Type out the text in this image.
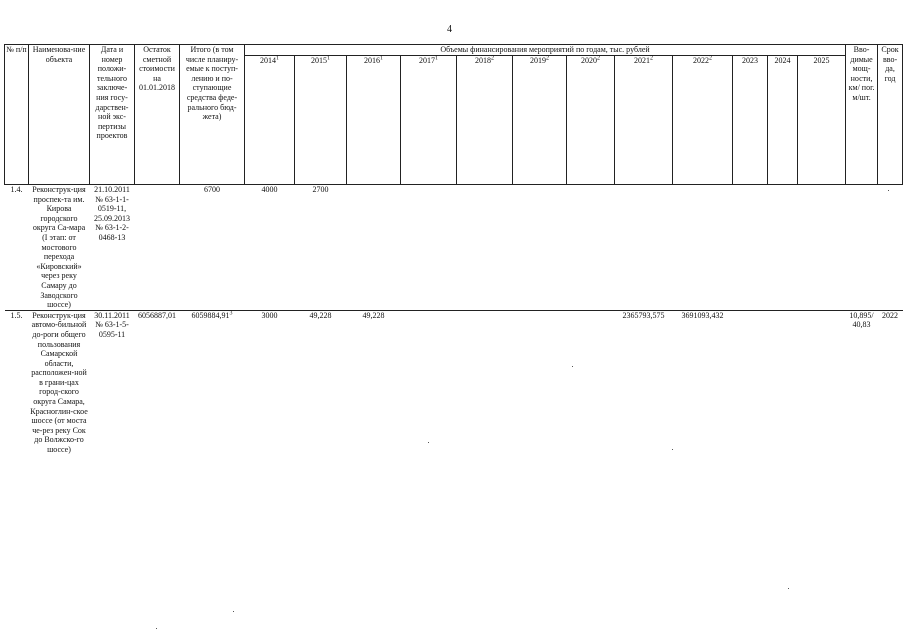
4
№ п/п	Наименова-ние объекта	Дата и номер положи-тельного заключе-ния госу-дарствен-ной экс-пертизы проектов	Остаток сметной стоимости на 01.01.2018	Итого (в том числе планиру-емые к поступ-лению и по-ступающие средства феде-рального бюд-жета)	Объемы финансирования мероприятий по годам, тыс. рублей												Вво-димые мощ-ности, км/ пог. м/шт.	Срок вво-да, год
					2014$^1$	2015$^1$	2016$^1$	2017$^1$	2018$^2$	2019$^2$	2020$^2$	2021$^2$	2022$^2$	2023	2024	2025		
1.4.	Реконструк-ция проспек-та им. Кирова городского округа Са-мара (I этап: от мостового перехода «Кировский» через реку Самару до Заводского шоссе)	21.10.2011 № 63-1-1-0519-11, 25.09.2013 № 63-1-2-0468-13		6700	4000	2700												
1.5.	Реконструк-ция автомо-бильной до-роги общего пользования Самарской области, расположен-ной в грани-цах город-ского округа Самара, Красноглин-ское шоссе (от моста че-рез реку Сок до Волжско-го шоссе)	30.11.2011 № 63-1-5-0595-11	6056887,01	6059884,91$^3$	3000	49,228	49,228					2365793,575	3691093,432				10,895/ 40,83	2022
